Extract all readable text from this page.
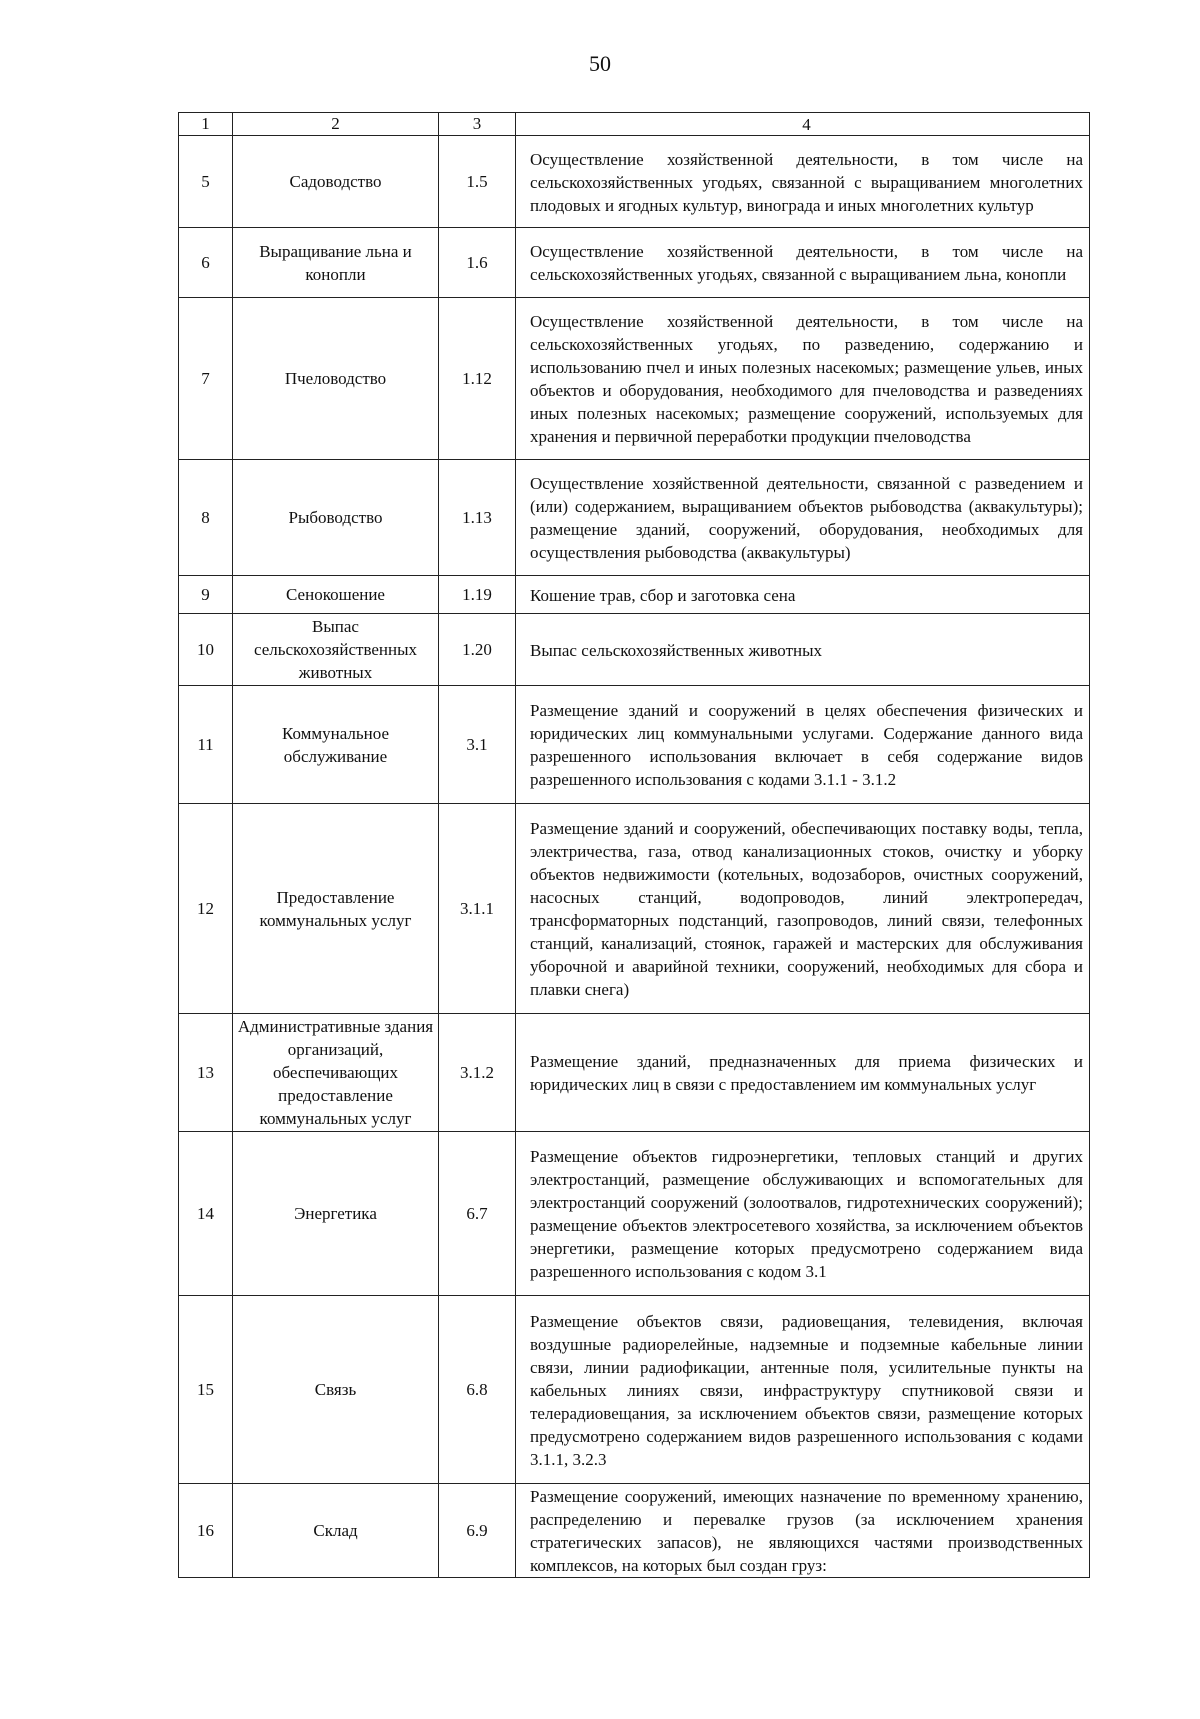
50
1	2	3	4
5	Садоводство	1.5	Осуществление хозяйственной деятельности, в том числе на сельскохозяйственных угодьях, связанной с выращиванием многолетних плодовых и ягодных культур, винограда и иных многолетних культур
6	Выращивание льна и конопли	1.6	Осуществление хозяйственной деятельности, в том числе на сельскохозяйственных угодьях, связанной с выращиванием льна, конопли
7	Пчеловодство	1.12	Осуществление хозяйственной деятельности, в том числе на сельскохозяйственных угодьях, по разведению, содержанию и использованию пчел и иных полезных насекомых; размещение ульев, иных объектов и оборудования, необходимого для пчеловодства и разведениях иных полезных насекомых; размещение сооружений, используемых для хранения и первичной переработки продукции пчеловодства
8	Рыбоводство	1.13	Осуществление хозяйственной деятельности, связанной с разведением и (или) содержанием, выращиванием объектов рыбоводства (аквакультуры); размещение зданий, сооружений, оборудования, необходимых для осуществления рыбоводства (аквакультуры)
9	Сенокошение	1.19	Кошение трав, сбор и заготовка сена
10	Выпас сельскохозяйственных животных	1.20	Выпас сельскохозяйственных животных
11	Коммунальное обслуживание	3.1	Размещение зданий и сооружений в целях обеспечения физических и юридических лиц коммунальными услугами. Содержание данного вида разрешенного использования включает в себя содержание видов разрешенного использования с кодами 3.1.1 - 3.1.2
12	Предоставление коммунальных услуг	3.1.1	Размещение зданий и сооружений, обеспечивающих поставку воды, тепла, электричества, газа, отвод канализационных стоков, очистку и уборку объектов недвижимости (котельных, водозаборов, очистных сооружений, насосных станций, водопроводов, линий электропередач, трансформаторных подстанций, газопроводов, линий связи, телефонных станций, канализаций, стоянок, гаражей и мастерских для обслуживания уборочной и аварийной техники, сооружений, необходимых для сбора и плавки снега)
13	Административные здания организаций, обеспечивающих предоставление коммунальных услуг	3.1.2	Размещение зданий, предназначенных для приема физических и юридических лиц в связи с предоставлением им коммунальных услуг
14	Энергетика	6.7	Размещение объектов гидроэнергетики, тепловых станций и других электростанций, размещение обслуживающих и вспомогательных для электростанций сооружений (золоотвалов, гидротехнических сооружений); размещение объектов электросетевого хозяйства, за исключением объектов энергетики, размещение которых предусмотрено содержанием вида разрешенного использования с кодом 3.1
15	Связь	6.8	Размещение объектов связи, радиовещания, телевидения, включая воздушные радиорелейные, надземные и подземные кабельные линии связи, линии радиофикации, антенные поля, усилительные пункты на кабельных линиях связи, инфраструктуру спутниковой связи и телерадиовещания, за исключением объектов связи, размещение которых предусмотрено содержанием видов разрешенного использования с кодами 3.1.1, 3.2.3
16	Склад	6.9	Размещение сооружений, имеющих назначение по временному хранению, распределению и перевалке грузов (за исключением хранения стратегических запасов), не являющихся частями производственных комплексов, на которых был создан груз:
